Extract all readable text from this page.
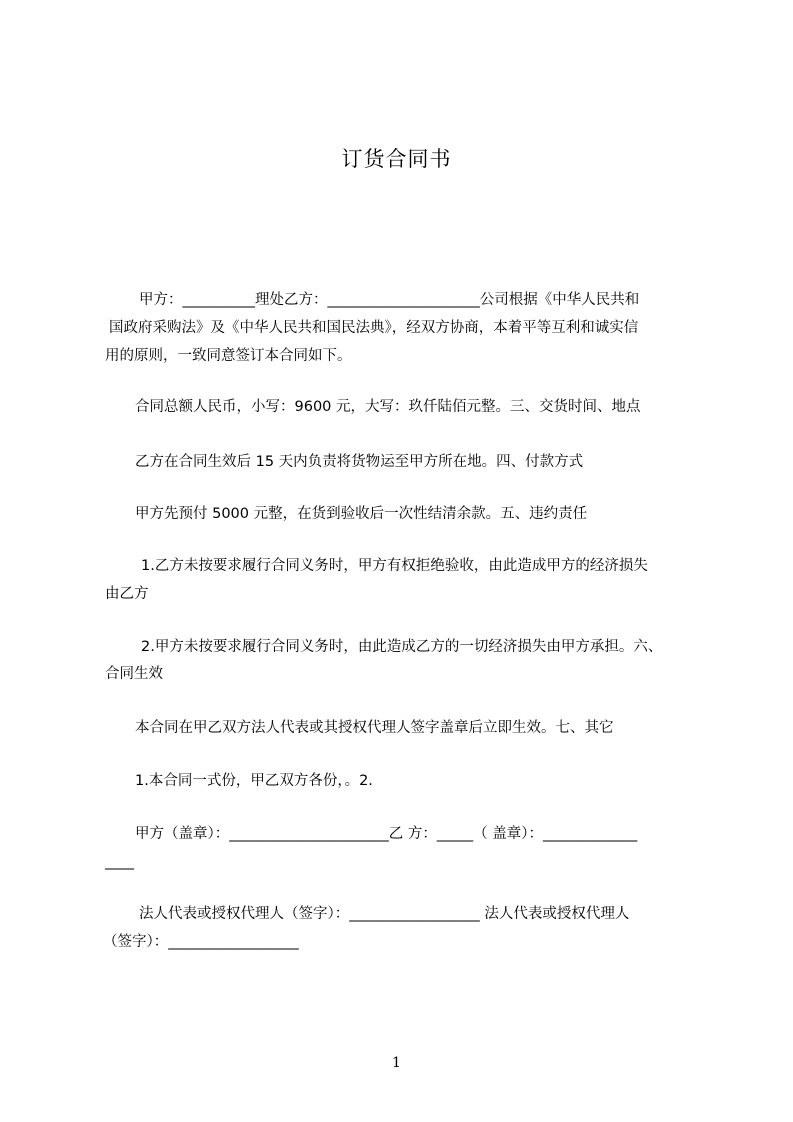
订货合同书
甲方：__________理处乙方：_____________________公司根据《中华人民共和
国政府采购法》及《中华人民共和国民法典》，经双方协商，本着平等互利和诚实信
用的原则，一致同意签订本合同如下。
合同总额人民币，小写：9600 元，大写：玖仟陆佰元整。三、交货时间、地点
乙方在合同生效后 15 天内负责将货物运至甲方所在地。四、付款方式
甲方先预付 5000 元整，在货到验收后一次性结清余款。五、违约责任
1.乙方未按要求履行合同义务时，甲方有权拒绝验收，由此造成甲方的经济损失
由乙方
2.甲方未按要求履行合同义务时，由此造成乙方的一切经济损失由甲方承担。六、
合同生效
本合同在甲乙双方法人代表或其授权代理人签字盖章后立即生效。七、其它
1.本合同一式份，甲乙双方各份，。2.
甲方（盖章）：______________________乙 方：_____（ 盖章）：_____________
____
法人代表或授权代理人（签字）：__________________ 法人代表或授权代理人
（签字）：__________________
1
